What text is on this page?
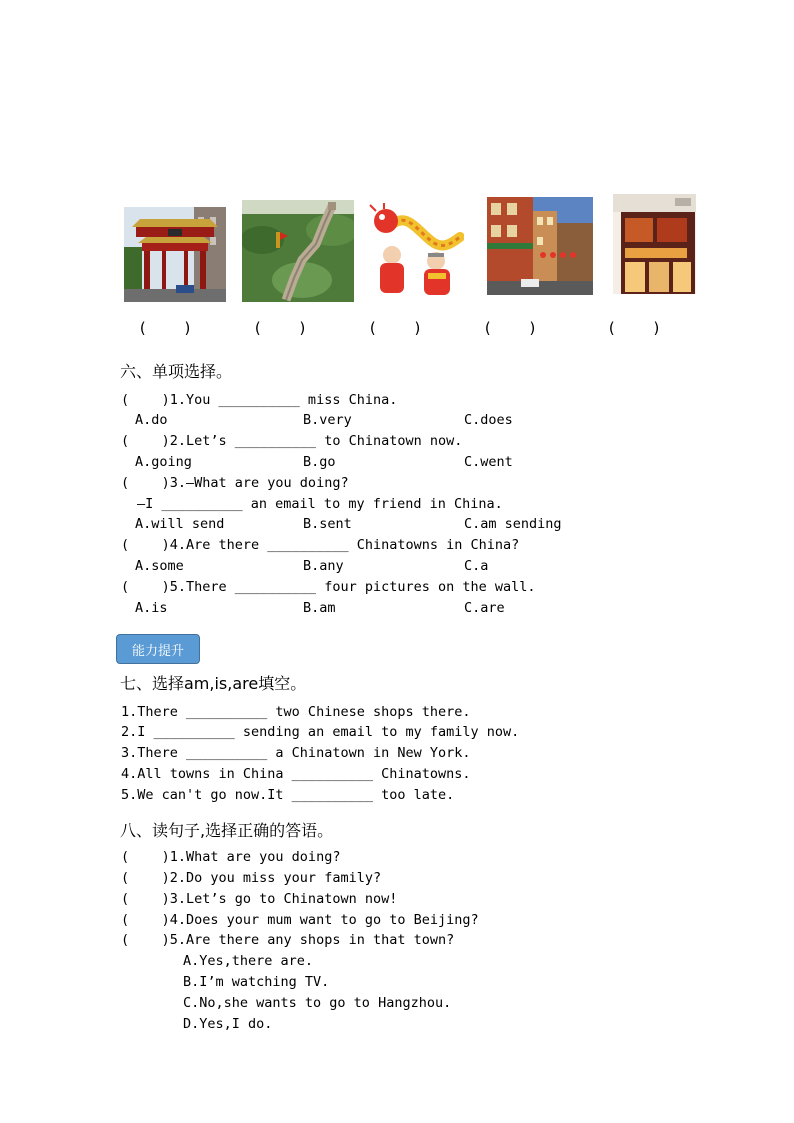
(    )	(    )	(    )	(    )	(    )
六、单项选择。
(    )1.You __________ miss China.
A.do	B.very	C.does
(    )2.Let’s __________ to Chinatown now.
A.going	B.go	C.went
(    )3.—What are you doing?
—I __________ an email to my friend in China.
A.will send	B.sent	C.am sending
(    )4.Are there __________ Chinatowns in China?
A.some	B.any	C.a
(    )5.There __________ four pictures on the wall.
A.is	B.am	C.are
能力提升
七、选择am,is,are填空。
1.There __________ two Chinese shops there.
2.I __________ sending an email to my family now.
3.There __________ a Chinatown in New York.
4.All towns in China __________ Chinatowns.
5.We can't go now.It __________ too late.
八、读句子,选择正确的答语。
(    )1.What are you doing?
(    )2.Do you miss your family?
(    )3.Let’s go to Chinatown now!
(    )4.Does your mum want to go to Beijing?
(    )5.Are there any shops in that town?
A.Yes,there are.
B.I’m watching TV.
C.No,she wants to go to Hangzhou.
D.Yes,I do.
